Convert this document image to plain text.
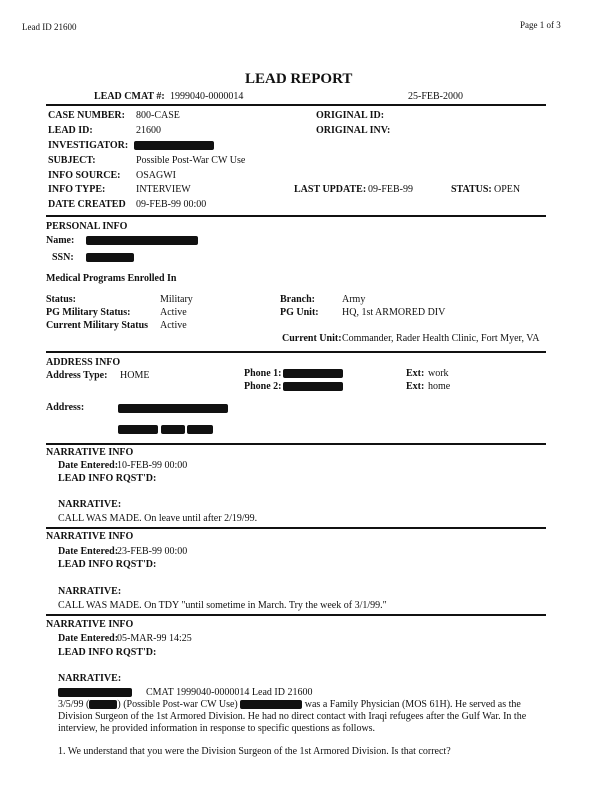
Lead ID 21600	Page 1 of 3
LEAD REPORT
LEAD CMAT #: 1999040-0000014	25-FEB-2000
CASE NUMBER: 800-CASE
LEAD ID:	21600
INVESTIGATOR:
SUBJECT:	Possible Post-War CW Use
INFO SOURCE: OSAGWI
INFO TYPE:	INTERVIEW
DATE CREATED 09-FEB-99 00:00
ORIGINAL ID:
ORIGINAL INV:
LAST UPDATE: 09-FEB-99	STATUS: OPEN
PERSONAL INFO
Name:
SSN:
Medical Programs Enrolled In
Status:	Military
PG Military Status:	Active
Current Military Status Active
Branch:	Army
PG Unit: HQ, 1st ARMORED DIV
Current Unit: Commander, Rader Health Clinic, Fort Myer, VA
ADDRESS INFO
Address Type: HOME	Phone 1:
Phone 2:
Ext: work
Ext: home
Address:

NARRATIVE INFO
Date Entered:
10-FEB-99 00:00
LEAD INFO RQST'D:
NARRATIVE:
CALL WAS MADE. On leave until after 2/19/99.
NARRATIVE INFO
Date Entered:
23-FEB-99 00:00
LEAD INFO RQST'D:
NARRATIVE:
CALL WAS MADE. On TDY "until sometime in March. Try the week of 3/1/99."
NARRATIVE INFO
Date Entered:
05-MAR-99 14:25
LEAD INFO RQST'D:
NARRATIVE:
CMAT 1999040-0000014 Lead ID 21600
3/5/99 (	) (Possible Post-war CW Use)	was a Family Physician (MOS 61H). He served as the
Division Surgeon of the 1st Armored Division. He had no direct contact with Iraqi refugees after the Gulf War. In the interview, he provided information in response to specific questions as follows.
1. We understand that you were the Division Surgeon of the 1st Armored Division. Is that correct?
